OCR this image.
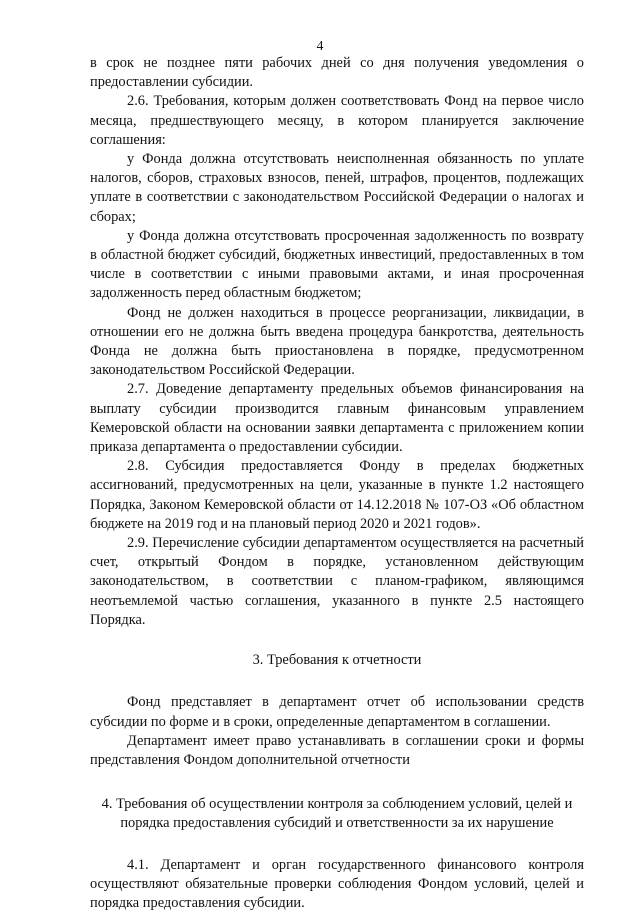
4

в срок не позднее пяти рабочих дней со дня получения уведомления о предоставлении субсидии.

2.6. Требования, которым должен соответствовать Фонд на первое число месяца, предшествующего месяцу, в котором планируется заключение соглашения:

у Фонда должна отсутствовать неисполненная обязанность по уплате налогов, сборов, страховых взносов, пеней, штрафов, процентов, подлежащих уплате в соответствии с законодательством Российской Федерации о налогах и сборах;

у Фонда должна отсутствовать просроченная задолженность по возврату в областной бюджет субсидий, бюджетных инвестиций, предоставленных в том числе в соответствии с иными правовыми актами, и иная просроченная задолженность перед областным бюджетом;

Фонд не должен находиться в процессе реорганизации, ликвидации, в отношении его не должна быть введена процедура банкротства, деятельность Фонда не должна быть приостановлена в порядке, предусмотренном законодательством Российской Федерации.

2.7. Доведение департаменту предельных объемов финансирования на выплату субсидии производится главным финансовым управлением Кемеровской области на основании заявки департамента с приложением копии приказа департамента о предоставлении субсидии.

2.8. Субсидия предоставляется Фонду в пределах бюджетных ассигнований, предусмотренных на цели, указанные в пункте 1.2 настоящего Порядка, Законом Кемеровской области от 14.12.2018 № 107-ОЗ «Об областном бюджете на 2019 год и на плановый период 2020 и 2021 годов».

2.9. Перечисление субсидии департаментом осуществляется на расчетный счет, открытый Фондом в порядке, установленном действующим законодательством, в соответствии с планом-графиком, являющимся неотъемлемой частью соглашения, указанного в пункте 2.5 настоящего Порядка.

3. Требования к отчетности

Фонд представляет в департамент отчет об использовании средств субсидии по форме и в сроки, определенные департаментом в соглашении.

Департамент имеет право устанавливать в соглашении сроки и формы представления Фондом дополнительной отчетности

4. Требования об осуществлении контроля за соблюдением условий, целей и порядка предоставления субсидий и ответственности за их нарушение

4.1. Департамент и орган государственного финансового контроля осуществляют обязательные проверки соблюдения Фондом условий, целей и порядка предоставления субсидии.
